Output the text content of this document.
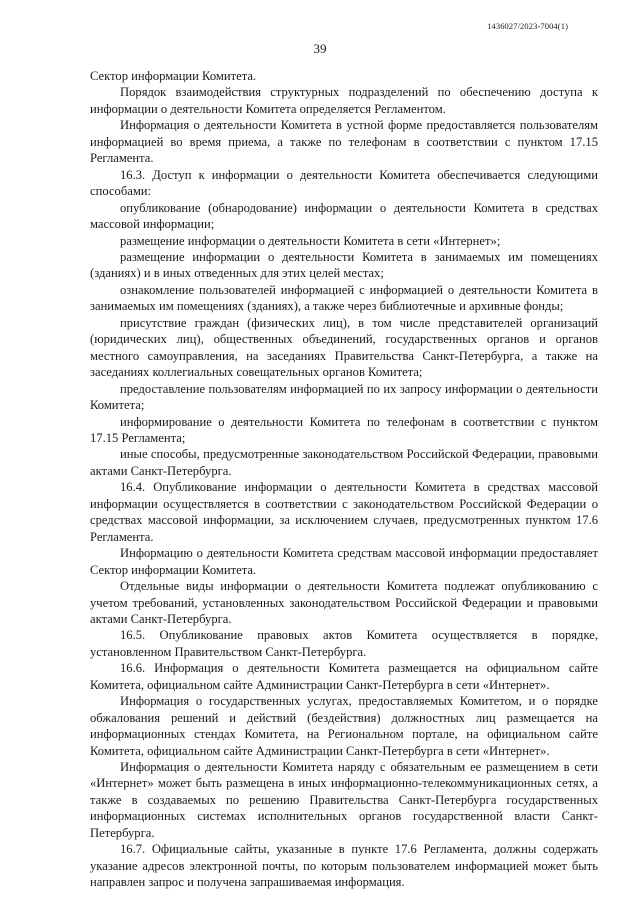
1436027/2023-7004(1)
39

Сектор информации Комитета.

Порядок взаимодействия структурных подразделений по обеспечению доступа к информации о деятельности Комитета определяется Регламентом.

Информация о деятельности Комитета в устной форме предоставляется пользователям информацией во время приема, а также по телефонам в соответствии с пунктом 17.15 Регламента.

16.3. Доступ к информации о деятельности Комитета обеспечивается следующими способами:

опубликование (обнародование) информации о деятельности Комитета в средствах массовой информации;

размещение информации о деятельности Комитета в сети «Интернет»;

размещение информации о деятельности Комитета в занимаемых им помещениях (зданиях) и в иных отведенных для этих целей местах;

ознакомление пользователей информацией с информацией о деятельности Комитета в занимаемых им помещениях (зданиях), а также через библиотечные и архивные фонды;

присутствие граждан (физических лиц), в том числе представителей организаций (юридических лиц), общественных объединений, государственных органов и органов местного самоуправления, на заседаниях Правительства Санкт-Петербурга, а также на заседаниях коллегиальных совещательных органов Комитета;

предоставление пользователям информацией по их запросу информации о деятельности Комитета;

информирование о деятельности Комитета по телефонам в соответствии с пунктом 17.15 Регламента;

иные способы, предусмотренные законодательством Российской Федерации, правовыми актами Санкт-Петербурга.

16.4. Опубликование информации о деятельности Комитета в средствах массовой информации осуществляется в соответствии с законодательством Российской Федерации о средствах массовой информации, за исключением случаев, предусмотренных пунктом 17.6 Регламента.

Информацию о деятельности Комитета средствам массовой информации предоставляет Сектор информации Комитета.

Отдельные виды информации о деятельности Комитета подлежат опубликованию с учетом требований, установленных законодательством Российской Федерации и правовыми актами Санкт-Петербурга.

16.5. Опубликование правовых актов Комитета осуществляется в порядке, установленном Правительством Санкт-Петербурга.

16.6. Информация о деятельности Комитета размещается на официальном сайте Комитета, официальном сайте Администрации Санкт-Петербурга в сети «Интернет».

Информация о государственных услугах, предоставляемых Комитетом, и о порядке обжалования решений и действий (бездействия) должностных лиц размещается на информационных стендах Комитета, на Региональном портале, на официальном сайте Комитета, официальном сайте Администрации Санкт-Петербурга в сети «Интернет».

Информация о деятельности Комитета наряду с обязательным ее размещением в сети «Интернет» может быть размещена в иных информационно-телекоммуникационных сетях, а также в создаваемых по решению Правительства Санкт-Петербурга государственных информационных системах исполнительных органов государственной власти Санкт-Петербурга.

16.7. Официальные сайты, указанные в пункте 17.6 Регламента, должны содержать указание адресов электронной почты, по которым пользователем информацией может быть направлен запрос и получена запрашиваемая информация.
